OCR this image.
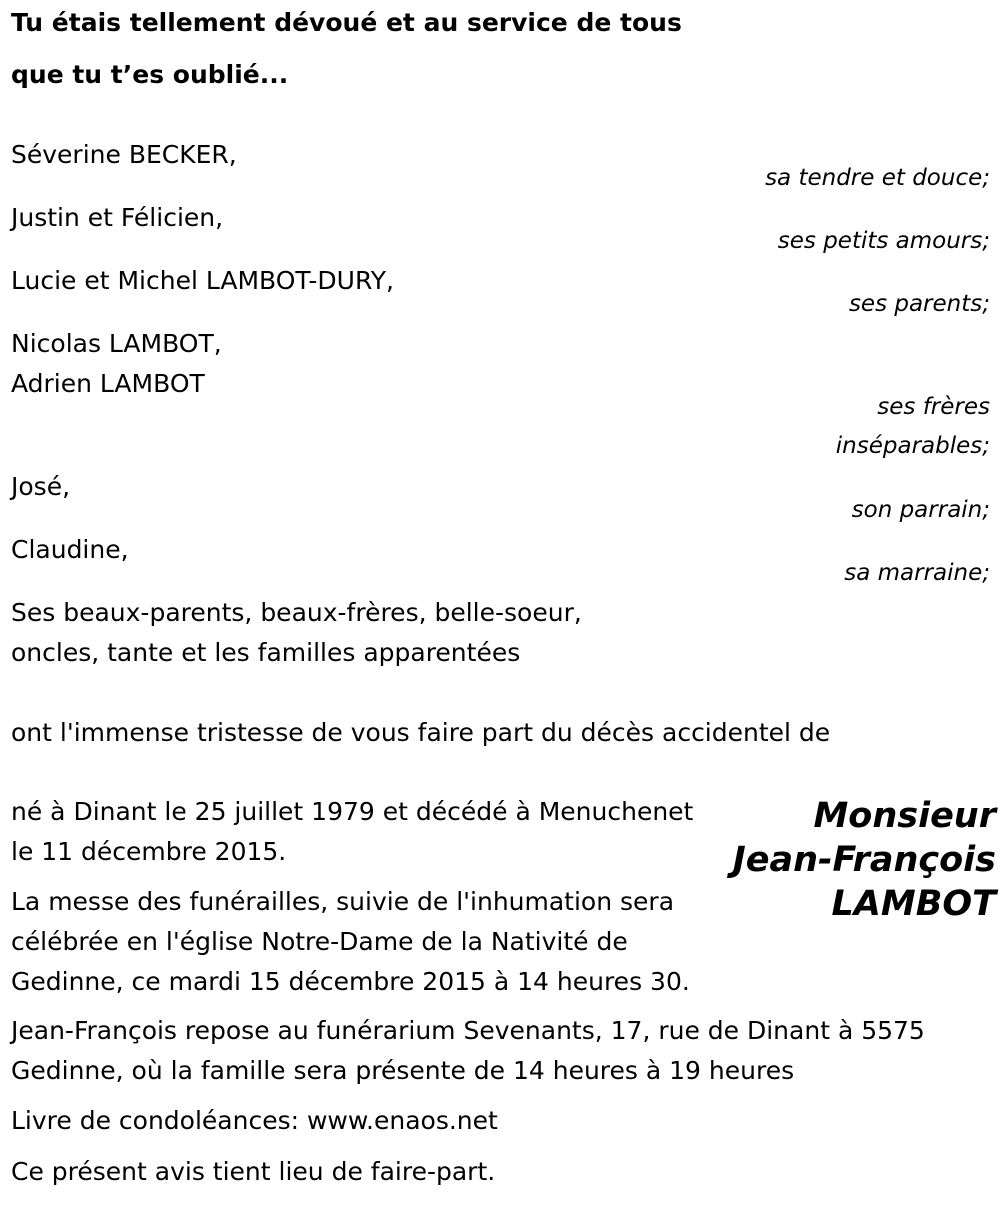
Tu étais tellement dévoué et au service de tous
que tu t’es oublié...
Séverine BECKER,
sa tendre et douce;
Justin et Félicien,
ses petits amours;
Lucie et Michel LAMBOT-DURY,
ses parents;
Nicolas LAMBOT,
Adrien LAMBOT
ses frères
inséparables;
José,
son parrain;
Claudine,
sa marraine;
Ses beaux-parents, beaux-frères, belle-soeur,
oncles, tante et les familles apparentées
ont l'immense tristesse de vous faire part du décès accidentel de
Monsieur
Jean-François
LAMBOT
né à Dinant le 25 juillet 1979 et décédé à Menuchenet
le 11 décembre 2015.
La messe des funérailles, suivie de l'inhumation sera
célébrée en l'église Notre-Dame de la Nativité de
Gedinne, ce mardi 15 décembre 2015 à 14 heures 30.
Jean-François repose au funérarium Sevenants, 17, rue de Dinant à 5575
Gedinne, où la famille sera présente de 14 heures à 19 heures
Livre de condoléances: www.enaos.net
Ce présent avis tient lieu de faire-part.
